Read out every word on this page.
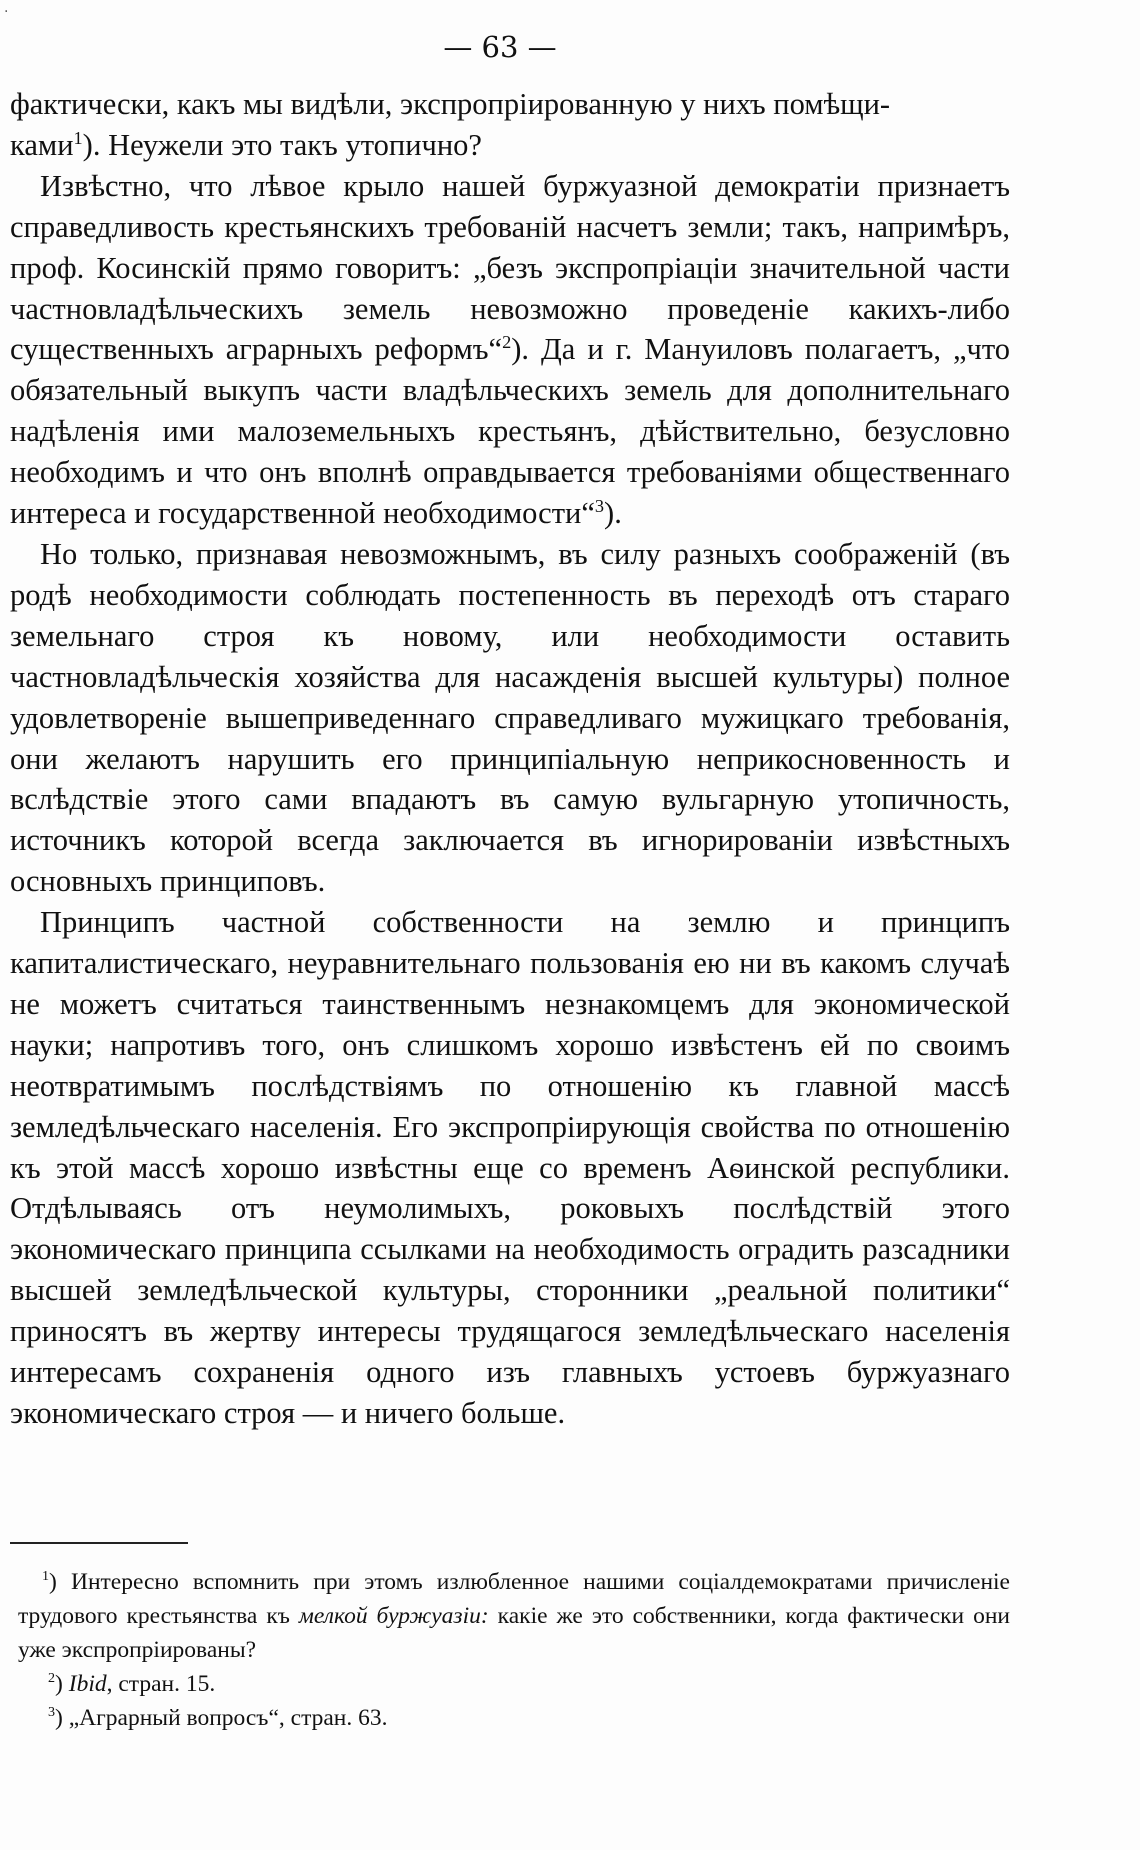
·
— 63 —

фактически, какъ мы видѣли, экспропріированную у нихъ помѣщи-
ками$^1$). Неужели это такъ утопично?

Извѣстно, что лѣвое крыло нашей буржуазной демократіи признаетъ справедливость крестьянскихъ требованій насчетъ земли; такъ, напримѣръ, проф. Косинскій прямо говоритъ: „безъ экспропріаціи значительной части частновладѣльческихъ земель невозможно проведеніе какихъ-либо существенныхъ аграрныхъ реформъ“$^2$). Да и г. Мануиловъ полагаетъ, „что обязательный выкупъ части владѣльческихъ земель для дополнительнаго надѣленія ими малоземельныхъ крестьянъ, дѣйствительно, безусловно необходимъ и что онъ вполнѣ оправдывается требованіями общественнаго интереса и государственной необходимости“$^3$).

Но только, признавая невозможнымъ, въ силу разныхъ соображеній (въ родѣ необходимости соблюдать постепенность въ переходѣ отъ стараго земельнаго строя къ новому, или необходимости оставить частновладѣльческія хозяйства для насажденія высшей культуры) полное удовлетвореніе вышеприведеннаго справедливаго мужицкаго требованія, они желаютъ нарушить его принципіальную неприкосновенность и вслѣдствіе этого сами впадаютъ въ самую вульгарную утопичность, источникъ которой всегда заключается въ игнорированіи извѣстныхъ основныхъ принциповъ.

Принципъ частной собственности на землю и принципъ капиталистическаго, неуравнительнаго пользованія ею ни въ какомъ случаѣ не можетъ считаться таинственнымъ незнакомцемъ для экономической науки; напротивъ того, онъ слишкомъ хорошо извѣстенъ ей по своимъ неотвратимымъ послѣдствіямъ по отношенію къ главной массѣ земледѣльческаго населенія. Его экспропріирующія свойства по отношенію къ этой массѣ хорошо извѣстны еще со временъ Аѳинской республики. Отдѣлываясь отъ неумолимыхъ, роковыхъ послѣдствій этого экономическаго принципа ссылками на необходимость оградить разсадники высшей земледѣльческой культуры, сторонники „реальной политики“ приносятъ въ жертву интересы трудящагося земледѣльческаго населенія интересамъ сохраненія одного изъ главныхъ устоевъ буржуазнаго экономическаго строя — и ничего больше.

$^1$) Интересно вспомнить при этомъ излюбленное нашими соціалдемократами причисленіе трудового крестьянства къ мелкой буржуазіи: какіе же это собственники, когда фактически они уже экспропріированы?

$^2$) Ibid, стран. 15.

$^3$) „Аграрный вопросъ“, стран. 63.
